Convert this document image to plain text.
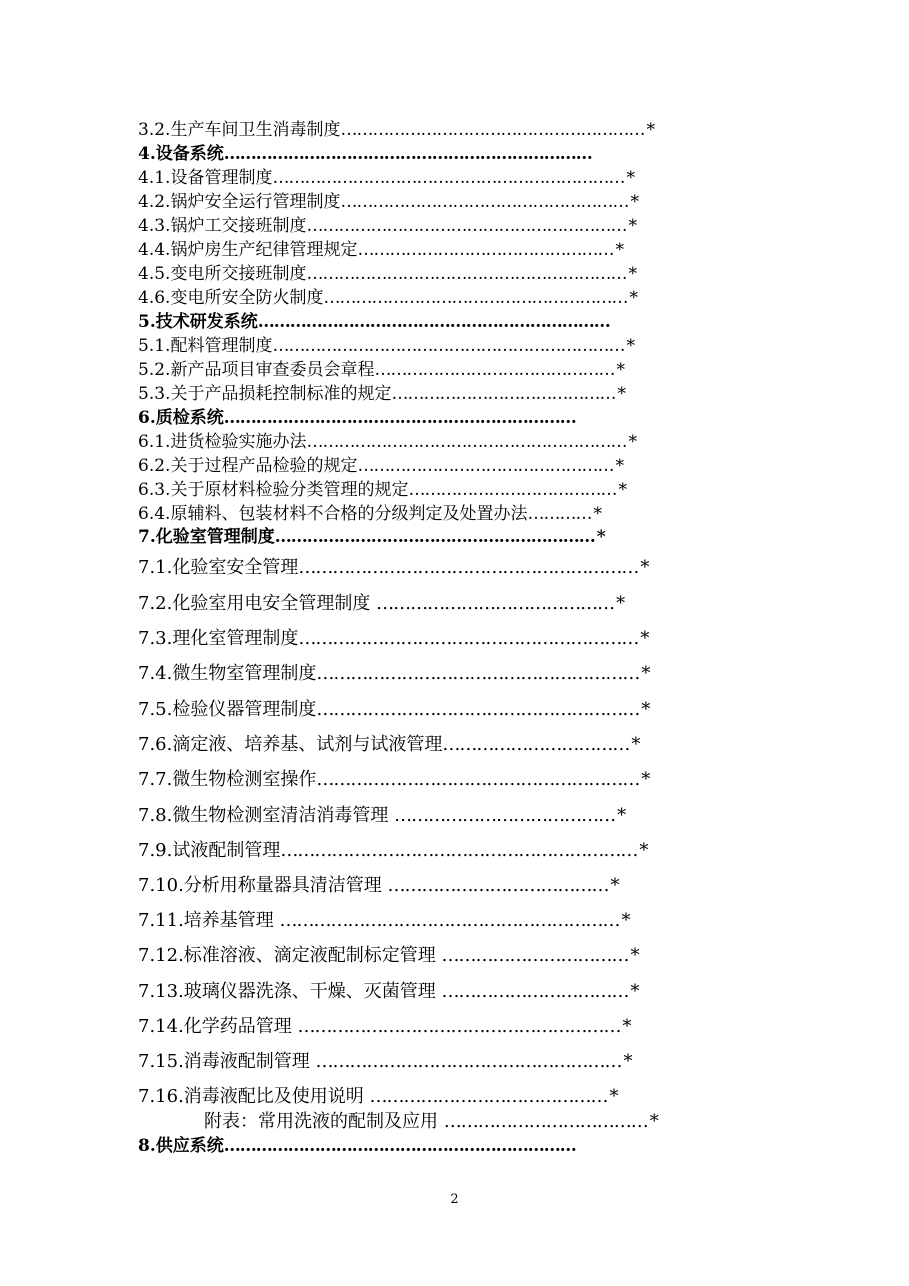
3.2.生产车间卫生消毒制度………………………………………………… *
4.设备系统……………………………………………………………
4.1.设备管理制度………………………………………………………… *
4.2.锅炉安全运行管理制度……………………………………………… *
4.3.锅炉工交接班制度…………………………………………………… *
4.4.锅炉房生产纪律管理规定………………………………………… *
4.5.变电所交接班制度…………………………………………………… *
4.6.变电所安全防火制度………………………………………………… *
5.技术研发系统…………………………………………………………
5.1.配料管理制度………………………………………………………… *
5.2.新产品项目审查委员会章程……………………………………… *
5.3.关于产品损耗控制标准的规定…………………………………… *
6.质检系统…………………………………………………………
6.1.进货检验实施办法…………………………………………………… *
6.2.关于过程产品检验的规定………………………………………… *
6.3.关于原材料检验分类管理的规定………………………………… *
6.4.原辅料、包装材料不合格的分级判定及处置办法………… *
7.化验室管理制度…………………………………………………… *
7.1.化验室安全管理…………………………………………………… *
7.2.化验室用电安全管理制度 …………………………………… *
7.3.理化室管理制度…………………………………………………… *
7.4.微生物室管理制度………………………………………………… *
7.5.检验仪器管理制度………………………………………………… *
7.6.滴定液、培养基、试剂与试液管理…………………………… *
7.7.微生物检测室操作………………………………………………… *
7.8.微生物检测室清洁消毒管理 ………………………………… *
7.9.试液配制管理……………………………………………………… *
7.10.分析用称量器具清洁管理 ………………………………… *
7.11.培养基管理 …………………………………………………… *
7.12.标准溶液、滴定液配制标定管理 …………………………… *
7.13.玻璃仪器洗涤、干燥、灭菌管理 …………………………… *
7.14.化学药品管理 ………………………………………………… *
7.15.消毒液配制管理 ……………………………………………… *
7.16.消毒液配比及使用说明 …………………………………… *
附表：常用洗液的配制及应用 ……………………………… *
8.供应系统…………………………………………………………
2
